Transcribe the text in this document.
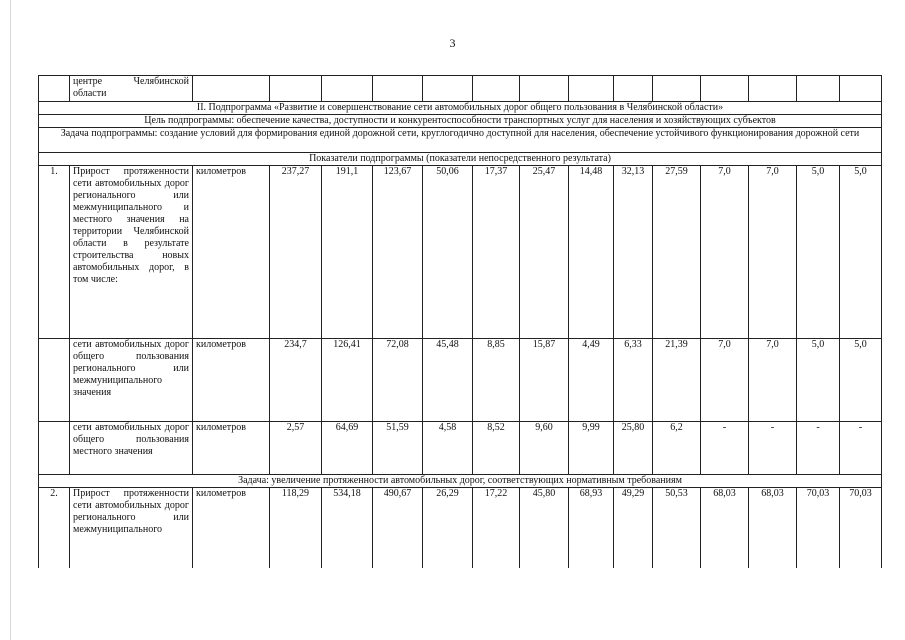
3
	центре Челябинской области														
II. Подпрограмма «Развитие и совершенствование сети автомобильных дорог общего пользования в Челябинской области»															
Цель подпрограммы: обеспечение качества, доступности и конкурентоспособности транспортных услуг для населения и хозяйствующих субъектов															
Задача подпрограммы: создание условий для формирования единой дорожной сети, круглогодично доступной для населения, обеспечение устойчивого функционирования дорожной сети															
Показатели подпрограммы (показатели непосредственного результата)															
1.	Прирост протяженности сети автомобильных дорог регионального или межмуниципального и местного значения на территории Челябинской области в результате строительства новых автомобильных дорог, в том числе:	километров	237,27	191,1	123,67	50,06	17,37	25,47	14,48	32,13	27,59	7,0	7,0	5,0	5,0
	сети автомобильных дорог общего пользования регионального или межмуниципального значения	километров	234,7	126,41	72,08	45,48	8,85	15,87	4,49	6,33	21,39	7,0	7,0	5,0	5,0
	сети автомобильных дорог общего пользования местного значения	километров	2,57	64,69	51,59	4,58	8,52	9,60	9,99	25,80	6,2	-	-	-	-
Задача: увеличение протяженности автомобильных дорог, соответствующих нормативным требованиям															
2.	Прирост протяженности сети автомобильных дорог регионального или межмуниципального	километров	118,29	534,18	490,67	26,29	17,22	45,80	68,93	49,29	50,53	68,03	68,03	70,03	70,03
